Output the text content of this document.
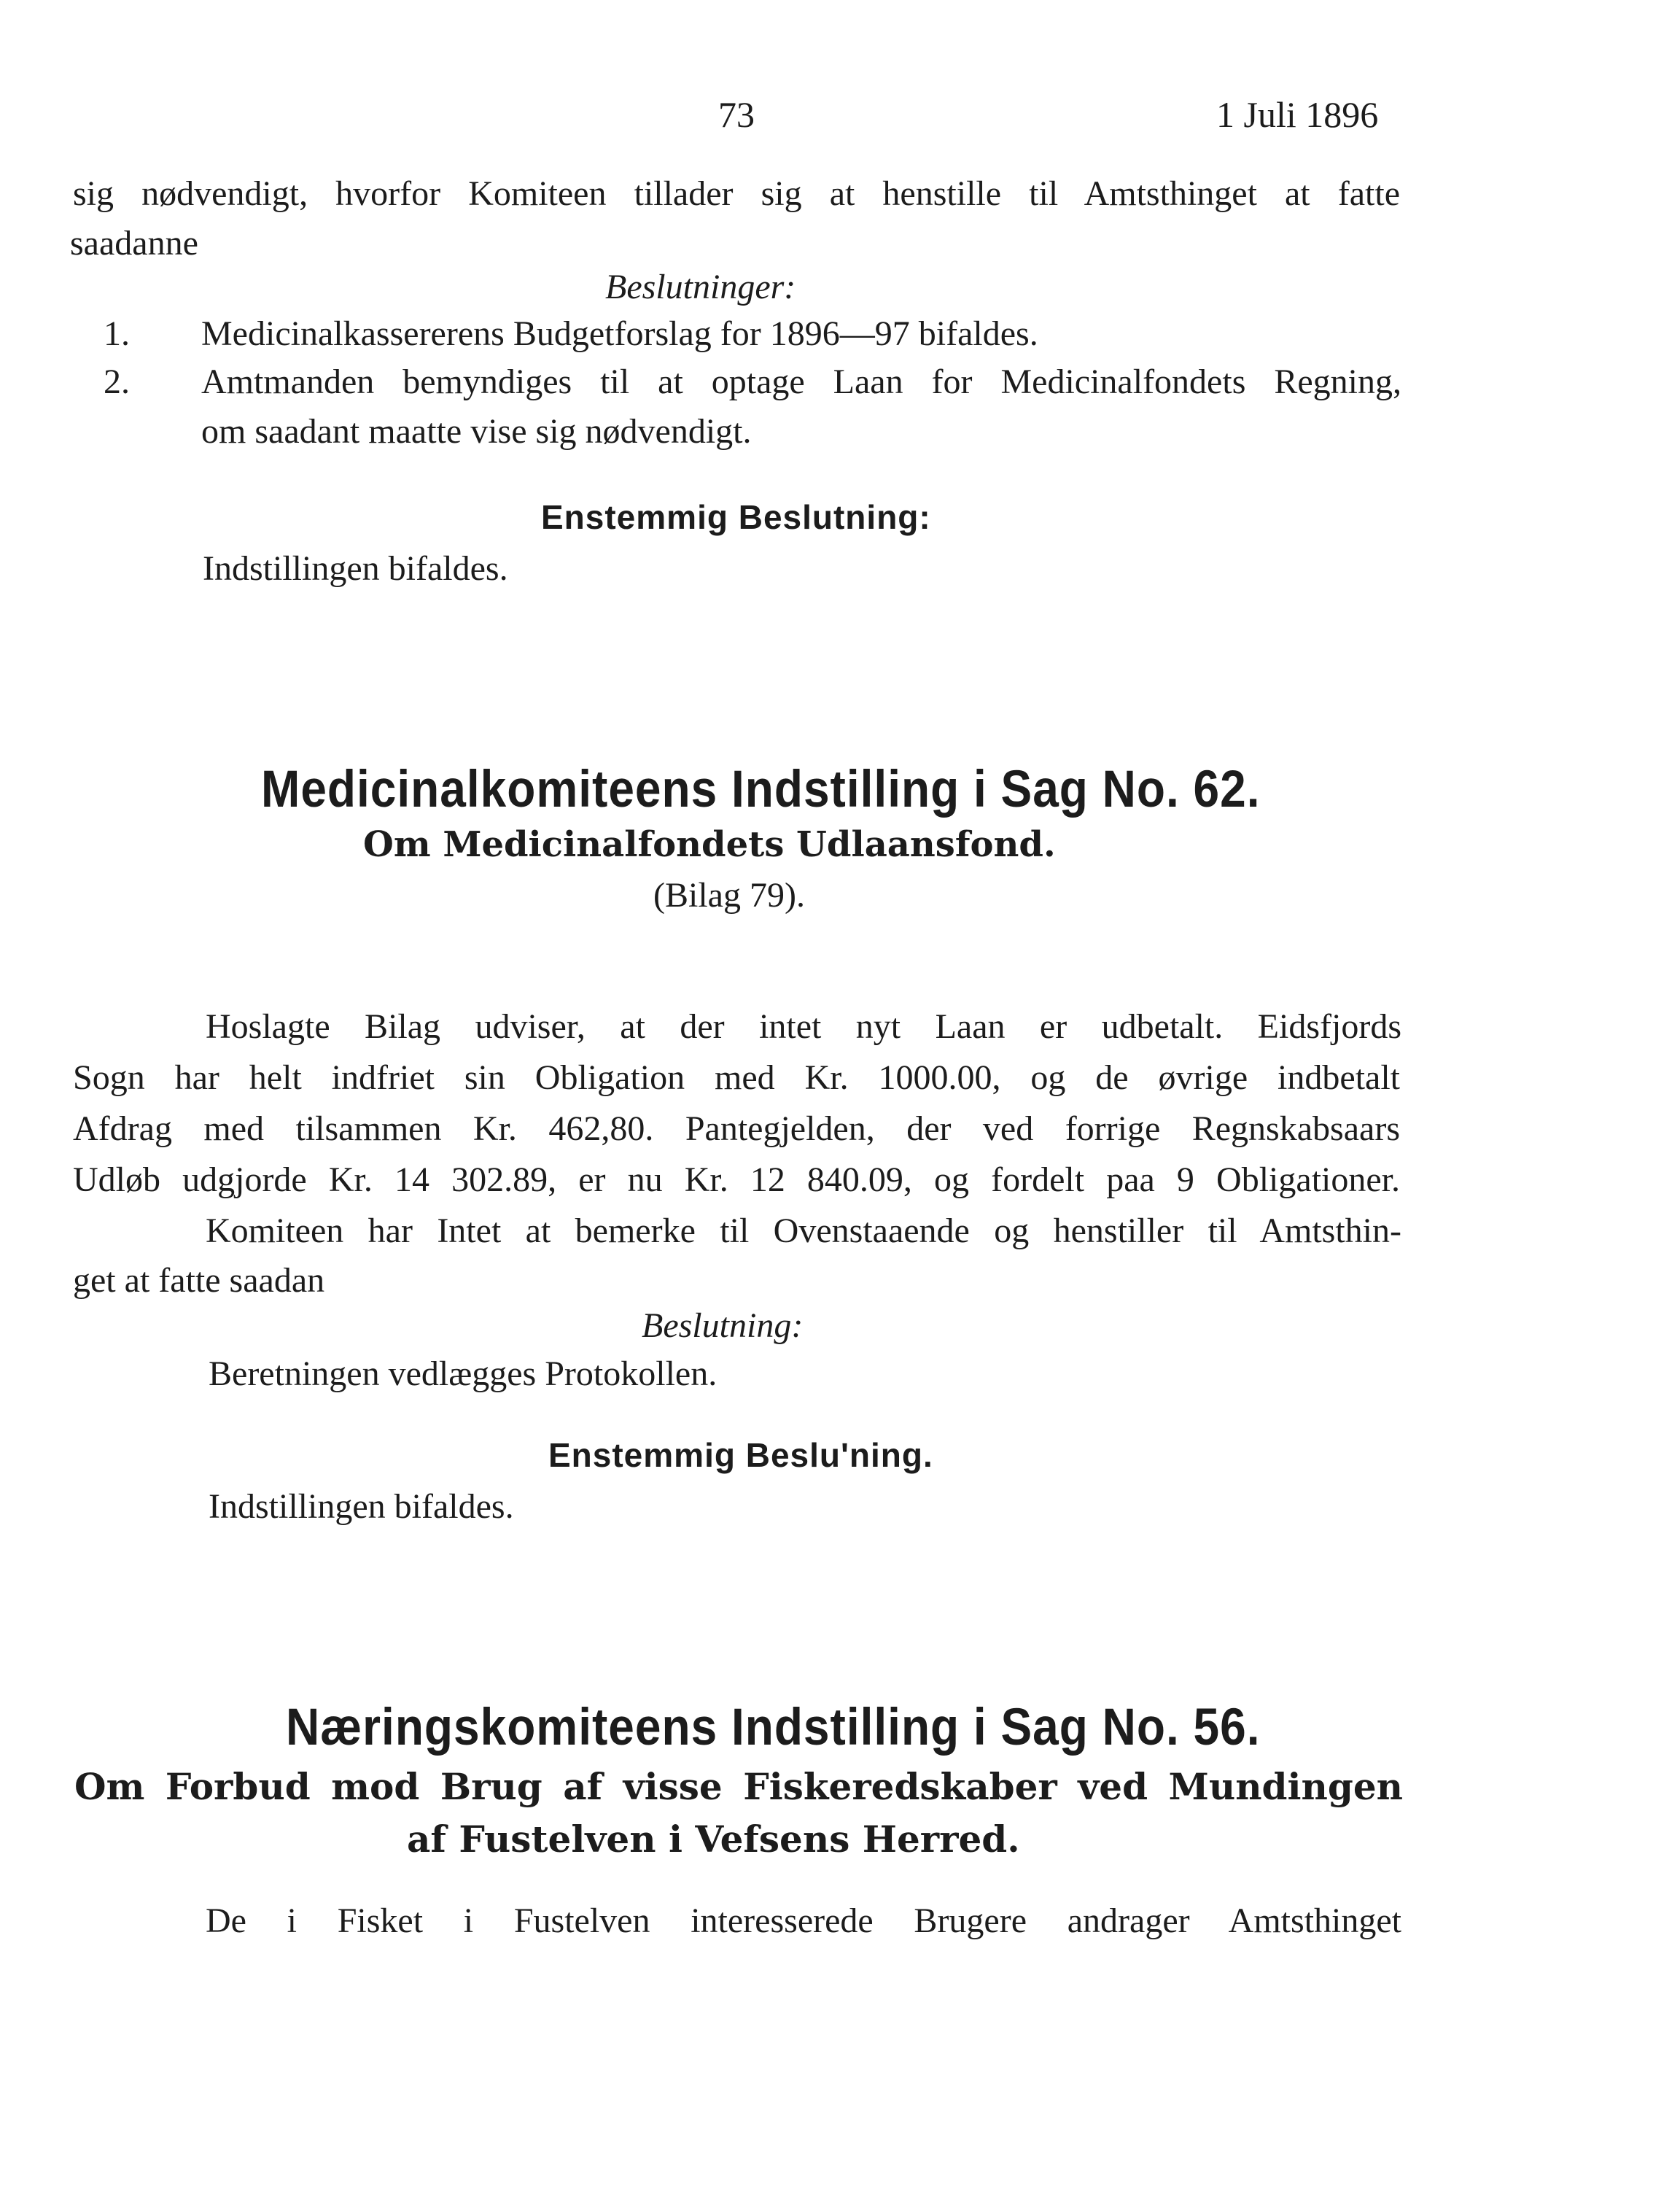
73	1 Juli 1896
sig nødvendigt, hvorfor Komiteen tillader sig at henstille til Amtsthinget at fatte
saadanne
Beslutninger:
1. Medicinalkassererens Budgetforslag for 1896—97 bifaldes.
2. Amtmanden bemyndiges til at optage Laan for Medicinalfondets Regning,
om saadant maatte vise sig nødvendigt.
Enstemmig Beslutning:
Indstillingen bifaldes.
Medicinalkomiteens Indstilling i Sag No. 62.
Om Medicinalfondets Udlaansfond.
(Bilag 79).
Hoslagte Bilag udviser, at der intet nyt Laan er udbetalt. Eidsfjords
Sogn har helt indfriet sin Obligation med Kr. 1000.00, og de øvrige indbetalt
Afdrag med tilsammen Kr. 462,80. Pantegjelden, der ved forrige Regnskabsaars
Udløb udgjorde Kr. 14 302.89, er nu Kr. 12 840.09, og fordelt paa 9 Obligationer.
Komiteen har Intet at bemerke til Ovenstaaende og henstiller til Amtsthin-
get at fatte saadan
Beslutning:
Beretningen vedlægges Protokollen.
Enstemmig Beslu'ning.
Indstillingen bifaldes.
Næringskomiteens Indstilling i Sag No. 56.
Om Forbud mod Brug af visse Fiskeredskaber ved Mundingen
af Fustelven i Vefsens Herred.
De i Fisket i Fustelven interesserede Brugere andrager Amtsthinget
